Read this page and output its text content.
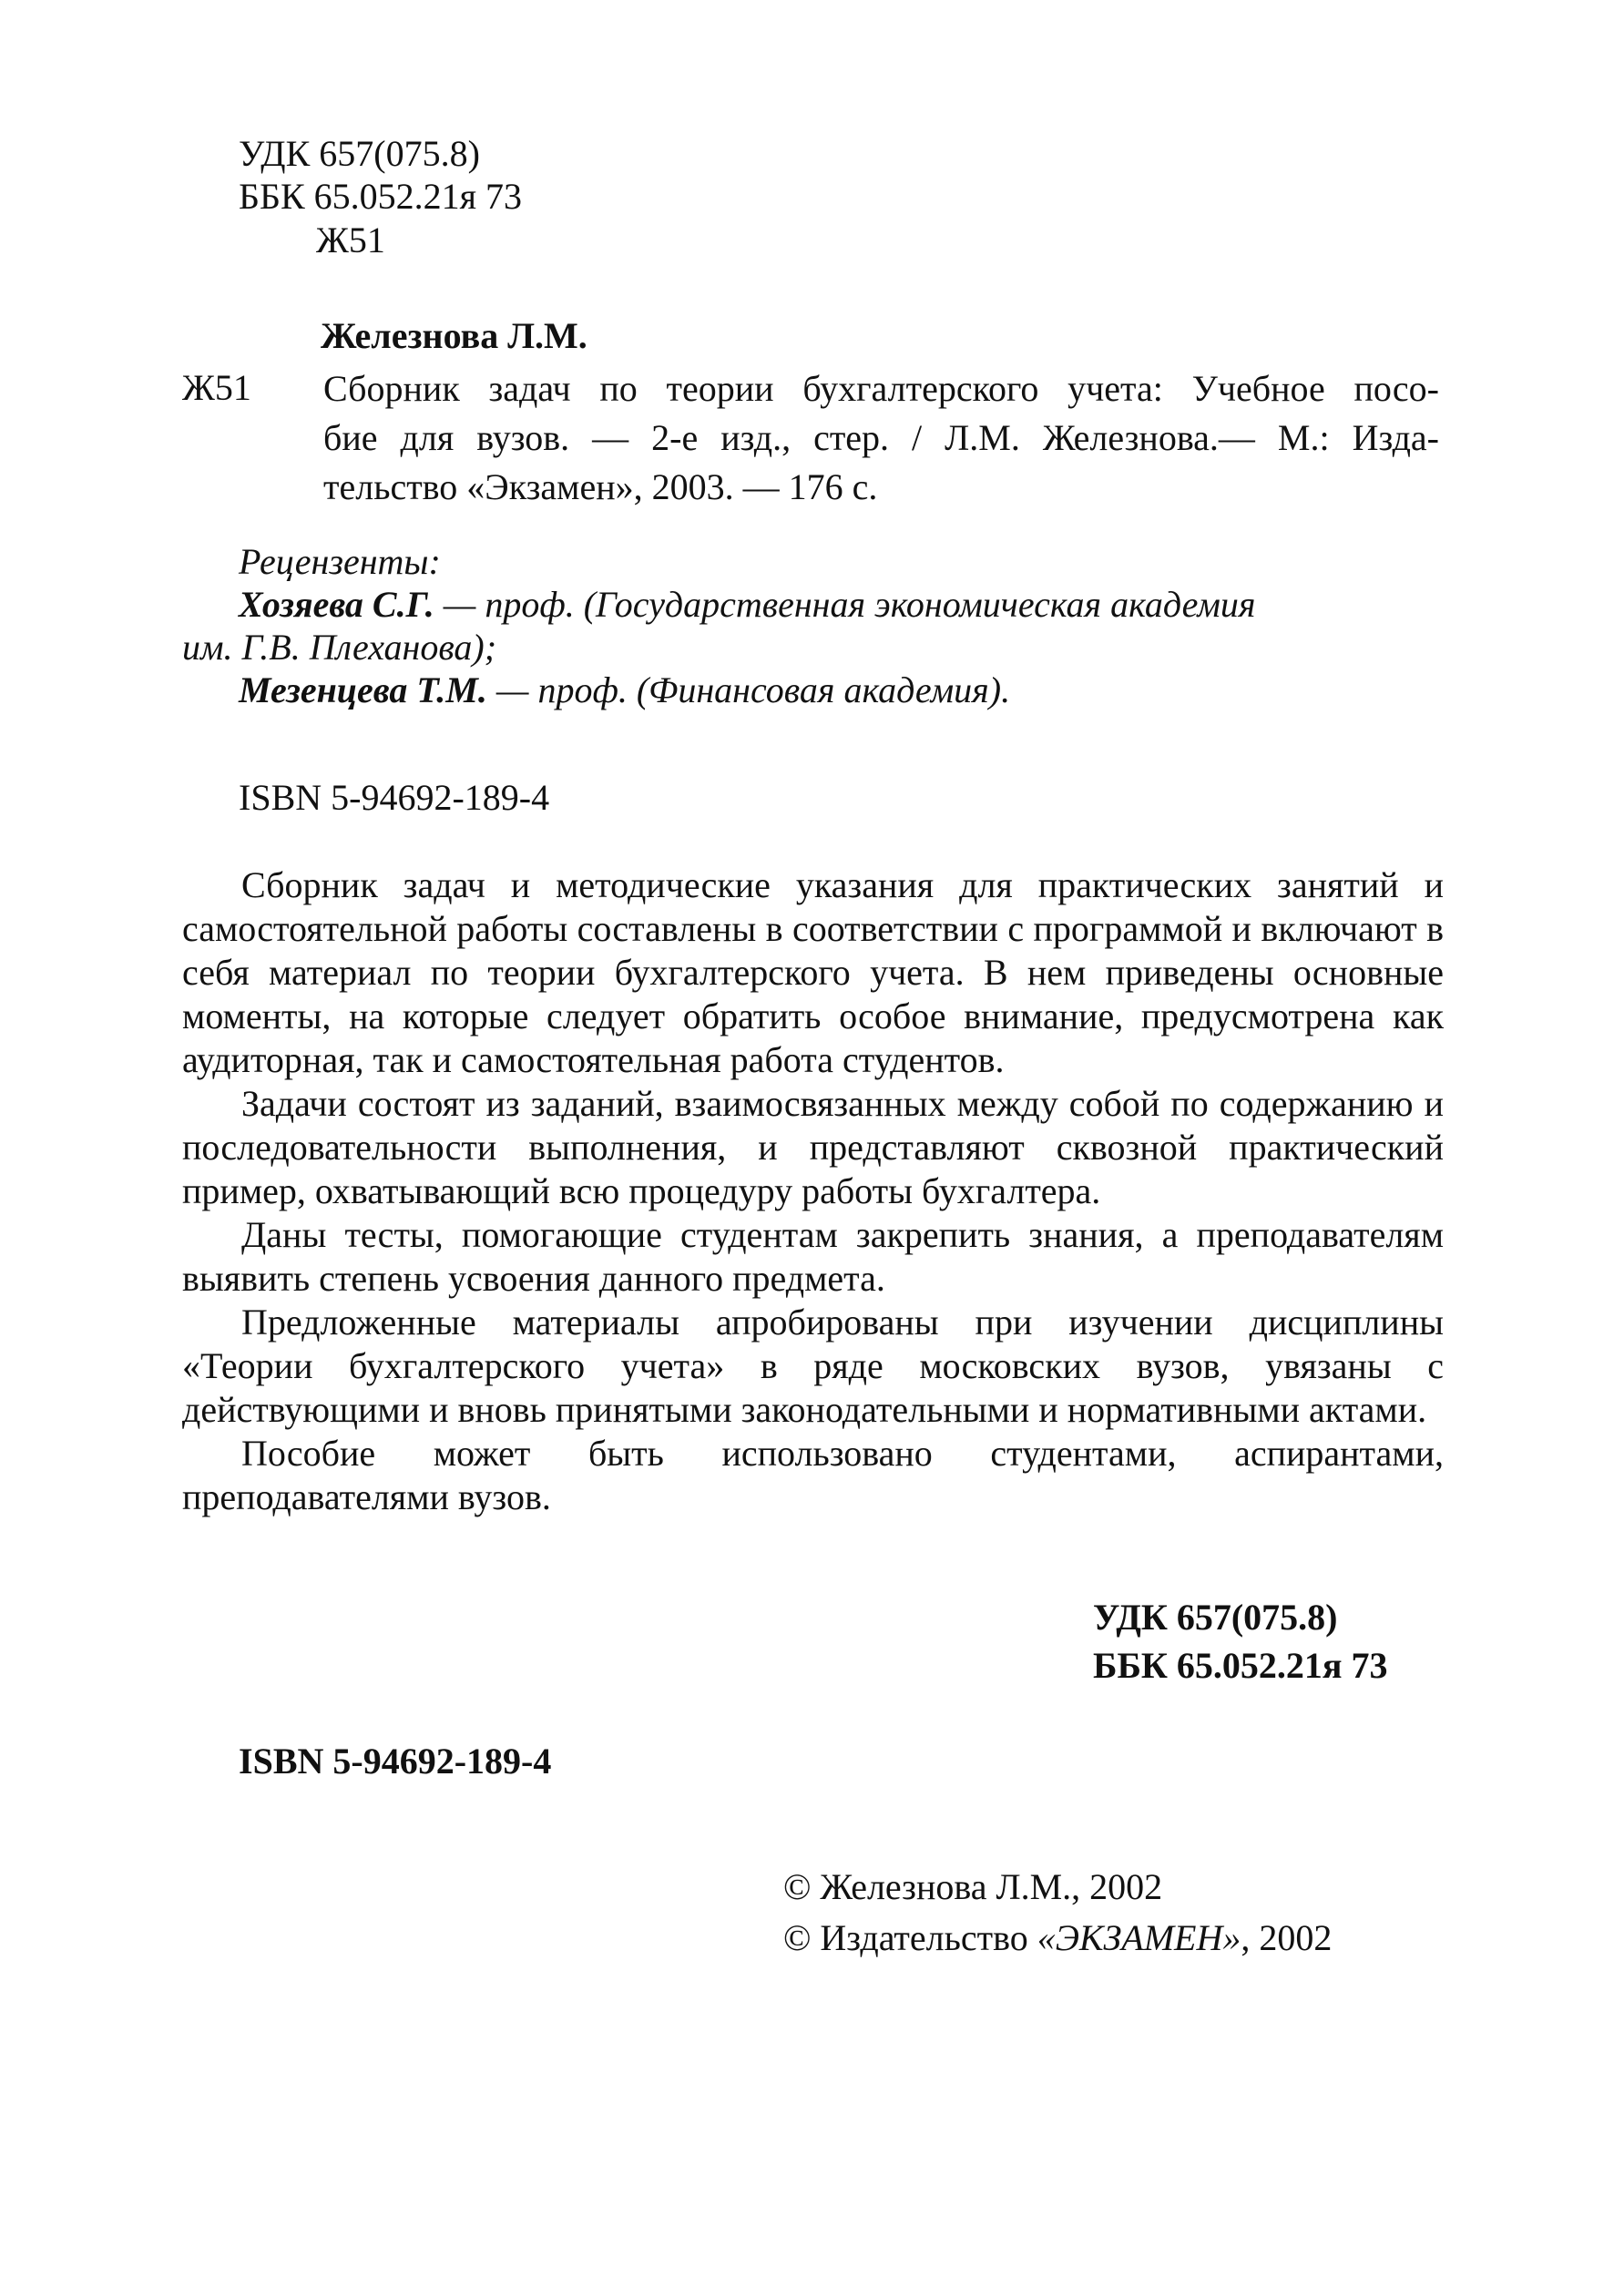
УДК 657(075.8)
ББК 65.052.21я 73
Ж51
Железнова Л.М.
Ж51 Сборник задач по теории бухгалтерского учета: Учебное посо-
бие для вузов. — 2-е изд., стер. / Л.М. Железнова.— М.: Изда-
тельство «Экзамен», 2003. — 176 с.
Рецензенты:
Хозяева С.Г. — проф. (Государственная экономическая академия
им. Г.В. Плеханова);
Мезенцева Т.М. — проф. (Финансовая академия).
ISBN 5-94692-189-4

Сборник задач и методические указания для практических занятий и самостоятельной работы составлены в соответствии с программой и включают в себя материал по теории бухгалтерского учета. В нем приведены основные моменты, на которые следует обратить особое внимание, предусмотрена как аудиторная, так и самостоятельная работа студентов.

Задачи состоят из заданий, взаимосвязанных между собой по содержанию и последовательности выполнения, и представляют сквозной практический пример, охватывающий всю процедуру работы бухгалтера.

Даны тесты, помогающие студентам закрепить знания, а преподавателям выявить степень усвоения данного предмета.

Предложенные материалы апробированы при изучении дисциплины «Теории бухгалтерского учета» в ряде московских вузов, увязаны с действующими и вновь принятыми законодательными и нормативными актами.

Пособие может быть использовано студентами, аспирантами, преподавателями вузов.

УДК 657(075.8)
ББК 65.052.21я 73
ISBN 5-94692-189-4
© Железнова Л.М., 2002
© Издательство «ЭКЗАМЕН», 2002
